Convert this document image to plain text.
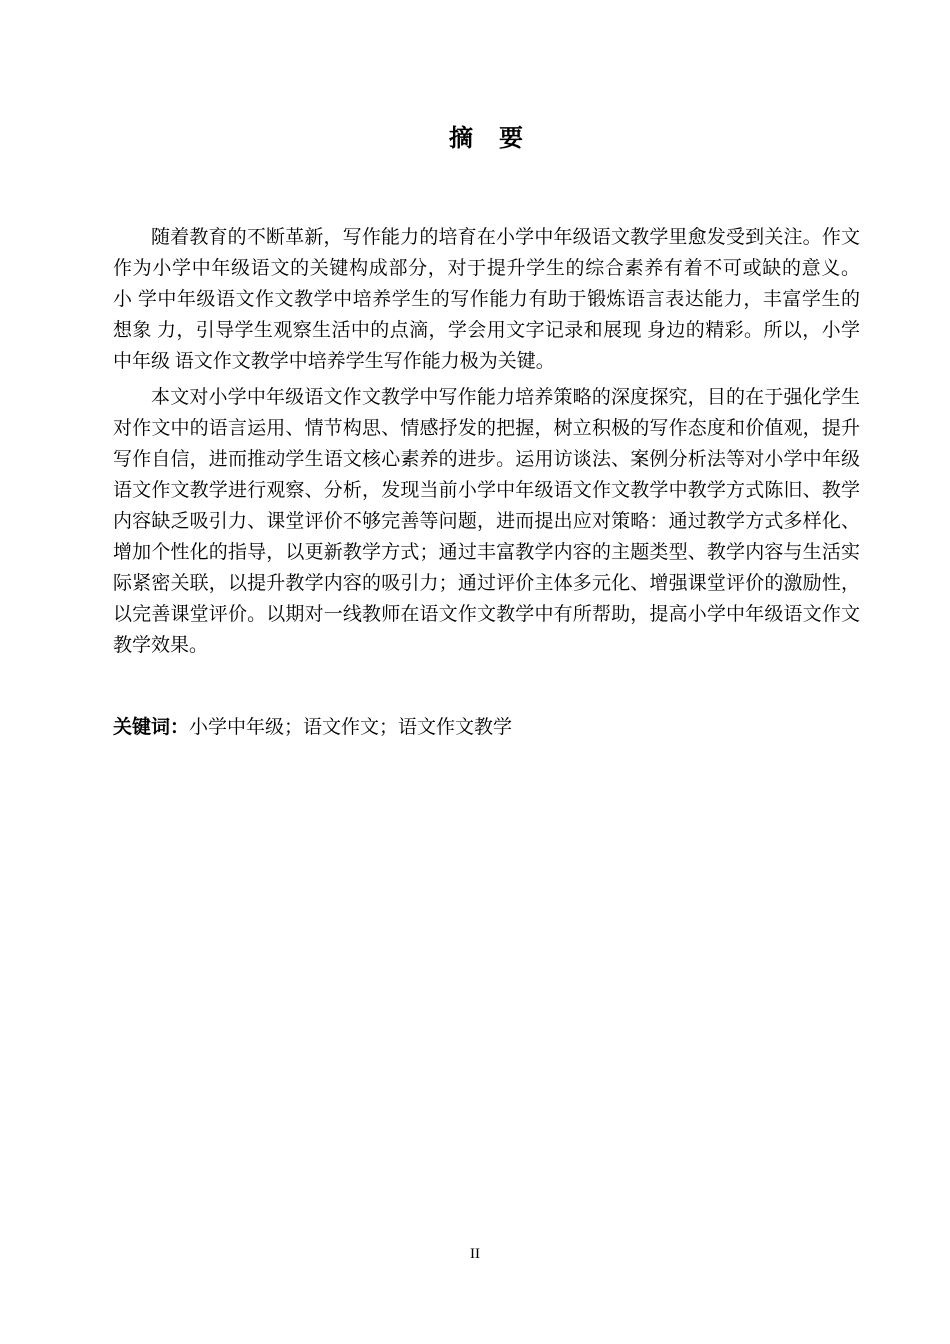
摘　要
随着教育的不断革新，写作能力的培育在小学中年级语文教学里愈发受到关注。作文
作为小学中年级语文的关键构成部分，对于提升学生的综合素养有着不可或缺的意义。
小 学中年级语文作文教学中培养学生的写作能力有助于锻炼语言表达能力，丰富学生的
想象 力，引导学生观察生活中的点滴，学会用文字记录和展现 身边的精彩。所以，小学
中年级 语文作文教学中培养学生写作能力极为关键。
本文对小学中年级语文作文教学中写作能力培养策略的深度探究，目的在于强化学生
对作文中的语言运用、情节构思、情感抒发的把握，树立积极的写作态度和价值观，提升
写作自信，进而推动学生语文核心素养的进步。运用访谈法、案例分析法等对小学中年级
语文作文教学进行观察、分析，发现当前小学中年级语文作文教学中教学方式陈旧、教学
内容缺乏吸引力、课堂评价不够完善等问题，进而提出应对策略：通过教学方式多样化、
增加个性化的指导，以更新教学方式；通过丰富教学内容的主题类型、教学内容与生活实
际紧密关联，以提升教学内容的吸引力；通过评价主体多元化、增强课堂评价的激励性，
以完善课堂评价。以期对一线教师在语文作文教学中有所帮助，提高小学中年级语文作文
教学效果。
关键词：小学中年级；语文作文；语文作文教学
II
